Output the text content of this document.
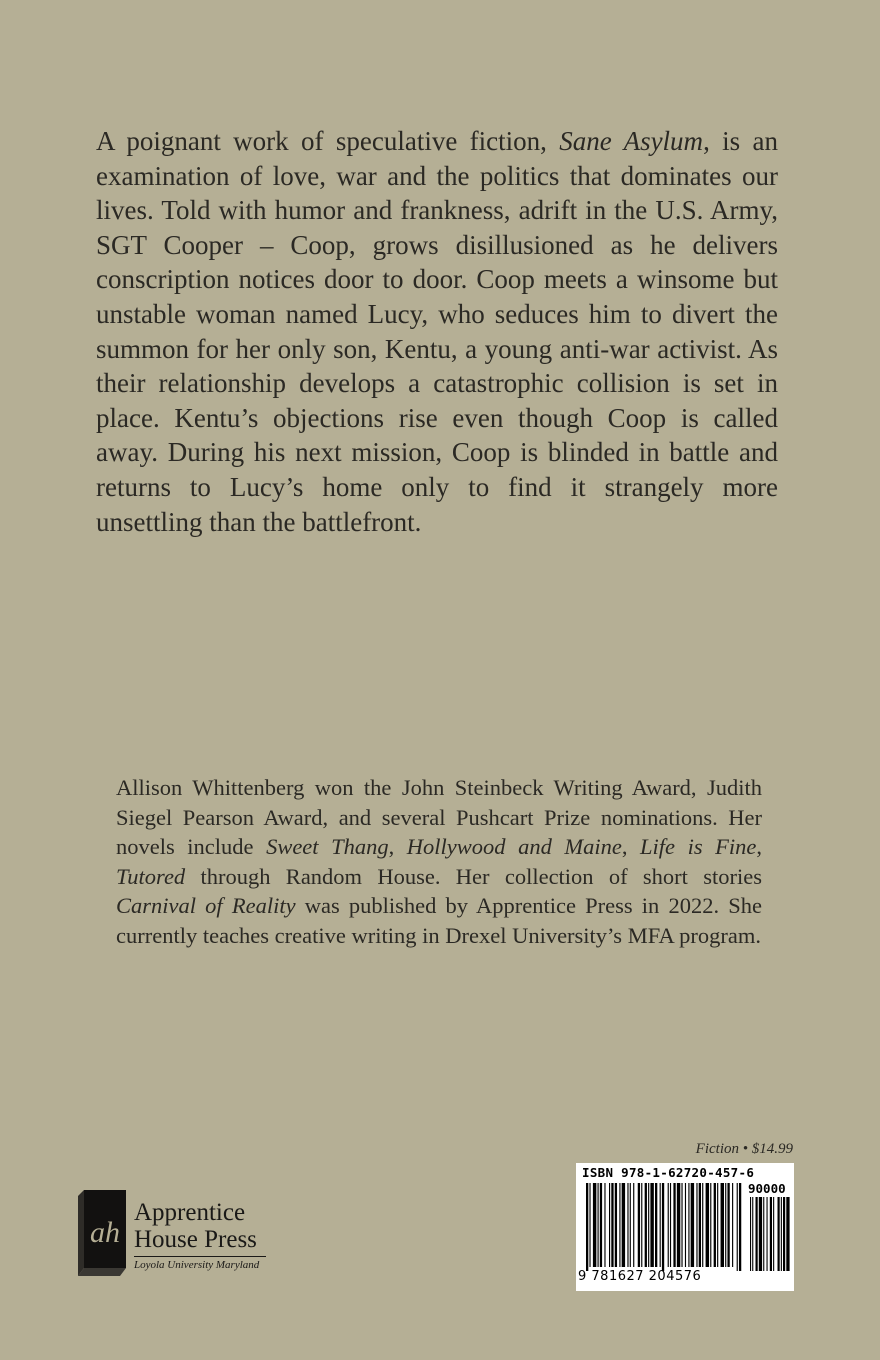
A poignant work of speculative fiction, Sane Asylum, is an examination of love, war and the politics that dominates our lives. Told with humor and frankness, adrift in the U.S. Army, SGT Cooper – Coop, grows disillusioned as he delivers conscription notices door to door. Coop meets a winsome but unstable woman named Lucy, who seduces him to divert the summon for her only son, Kentu, a young anti-war activist. As their relationship develops a catastrophic collision is set in place. Kentu’s objections rise even though Coop is called away. During his next mission, Coop is blinded in battle and returns to Lucy’s home only to find it strangely more unsettling than the battlefront.

Allison Whittenberg won the John Steinbeck Writing Award, Judith Siegel Pearson Award, and several Pushcart Prize nominations. Her novels include Sweet Thang, Hollywood and Maine, Life is Fine, Tutored through Random House. Her collection of short stories Carnival of Reality was published by Apprentice Press in 2022. She currently teaches creative writing in Drexel University’s MFA program.

Fiction • $14.99
ISBN 978-1-62720-457-6
90000
9 781627 204576
ah
Apprentice
House Press
Loyola University Maryland
